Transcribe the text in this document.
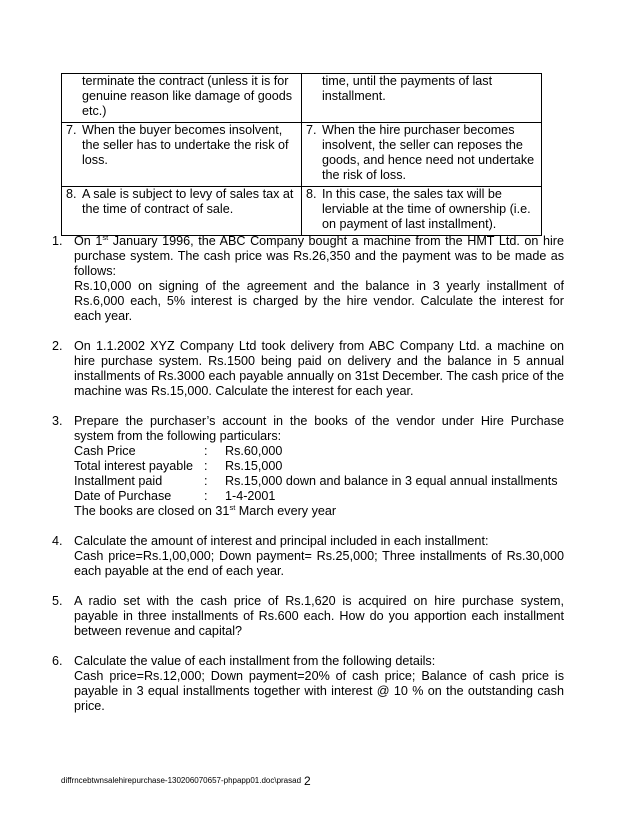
terminate the contract (unless it is for genuine reason like damage of goods etc.)	time, until the payments of last installment.

7. When the buyer becomes insolvent, the seller has to undertake the risk of loss.	7. When the hire purchaser becomes insolvent, the seller can reposes the goods, and hence need not undertake the risk of loss.

8. A sale is subject to levy of sales tax at the time of contract of sale.	8. In this case, the sales tax will be lerviable at the time of ownership (i.e. on payment of last installment).
1. On 1st January 1996, the ABC Company bought a machine from the HMT Ltd. on hire purchase system. The cash price was Rs.26,350 and the payment was to be made as follows:
Rs.10,000 on signing of the agreement and the balance in 3 yearly installment of Rs.6,000 each, 5% interest is charged by the hire vendor. Calculate the interest for each year.
2. On 1.1.2002 XYZ Company Ltd took delivery from ABC Company Ltd. a machine on hire purchase system. Rs.1500 being paid on delivery and the balance in 5 annual installments of Rs.3000 each payable annually on 31st December. The cash price of the machine was Rs.15,000. Calculate the interest for each year.
3. Prepare the purchaser’s account in the books of the vendor under Hire Purchase system from the following particulars:
Cash Price	:	Rs.60,000
Total interest payable :	Rs.15,000
Installment paid	:	Rs.15,000 down and balance in 3 equal annual installments
Date of Purchase	:	1-4-2001
The books are closed on 31st March every year
4. Calculate the amount of interest and principal included in each installment:
Cash price=Rs.1,00,000; Down payment= Rs.25,000; Three installments of Rs.30,000 each payable at the end of each year.
5. A radio set with the cash price of Rs.1,620 is acquired on hire purchase system, payable in three installments of Rs.600 each. How do you apportion each installment between revenue and capital?
6. Calculate the value of each installment from the following details:
Cash price=Rs.12,000; Down payment=20% of cash price; Balance of cash price is payable in 3 equal installments together with interest @ 10 % on the outstanding cash price.
diffrncebtwnsalehirepurchase-130206070657-phpapp01.doc\prasad 2
